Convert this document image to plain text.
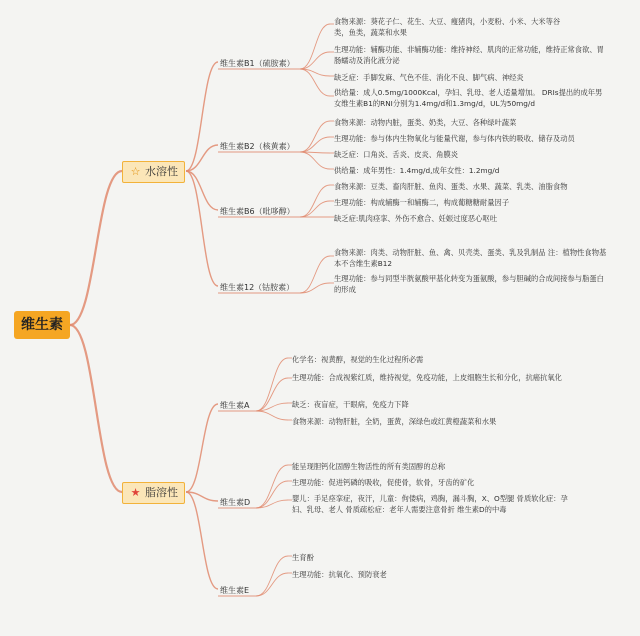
维生素
☆ 水溶性
★ 脂溶性
维生素B1（硫胺素）
维生素B2（核黄素）
维生素B6（吡哆醇）
维生素12（钴胺素）
维生素A
维生素D
维生素E
食物来源：葵花子仁、花生、大豆、瘦猪肉，小麦粉、小米、大米等谷类，鱼类，蔬菜和水果
生理功能：辅酶功能、非辅酶功能：维持神经、肌肉的正常功能，维持正常食欲、胃肠蠕动及消化液分泌
缺乏症：手脚发麻、气色不佳、消化不良、脚气病、神经炎
供给量：成人0.5mg/1000Kcal，孕妇、乳母、老人适量增加。 DRIs提出的成年男女维生素B1的RNI分别为1.4mg/d和1.3mg/d，UL为50mg/d
食物来源：动物内脏，蛋类、奶类，大豆、各种绿叶蔬菜
生理功能：参与体内生物氧化与能量代谢，参与体内铁的吸收、储存及动员
缺乏症：口角炎、舌炎、皮炎、角膜炎
供给量：成年男性：1.4mg/d,成年女性：1.2mg/d
食物来源：豆类、畜肉肝脏、鱼肉、蛋类、水果、蔬菜、乳类、油脂食物
生理功能：构成辅酶一和辅酶二，构成葡糖糖耐量因子
缺乏症:肌肉痉挛、外伤不愈合、妊娠过度恶心呕吐
食物来源：肉类、动物肝脏、鱼、禽、贝壳类、蛋类、乳及乳制品 注：植物性食物基本不含维生素B12
生理功能：参与同型半胱氨酸甲基化转变为蛋氨酸，参与胆碱的合成间接参与脂蛋白的形成
化学名：视黄醇，视觉的生化过程所必需
生理功能：合成视紫红质，维持视觉，免疫功能，上皮细胞生长和分化，抗癌抗氧化
缺乏：夜盲症，干眼病，免疫力下降
食物来源：动物肝脏，全奶，蛋黄，深绿色或红黄橙蔬菜和水果
能呈现胆钙化固醇生物活性的所有类固醇的总称
生理功能：促进钙磷的吸收，促使骨，软骨，牙齿的矿化
婴儿：手足痉挛症，夜汗，儿童：佝偻病，鸡胸，漏斗胸，X、O型腿 骨质软化症：孕妇、乳母、老人 骨质疏松症：老年人需要注意骨折 维生素D的中毒
生育酚
生理功能：抗氧化、预防衰老
